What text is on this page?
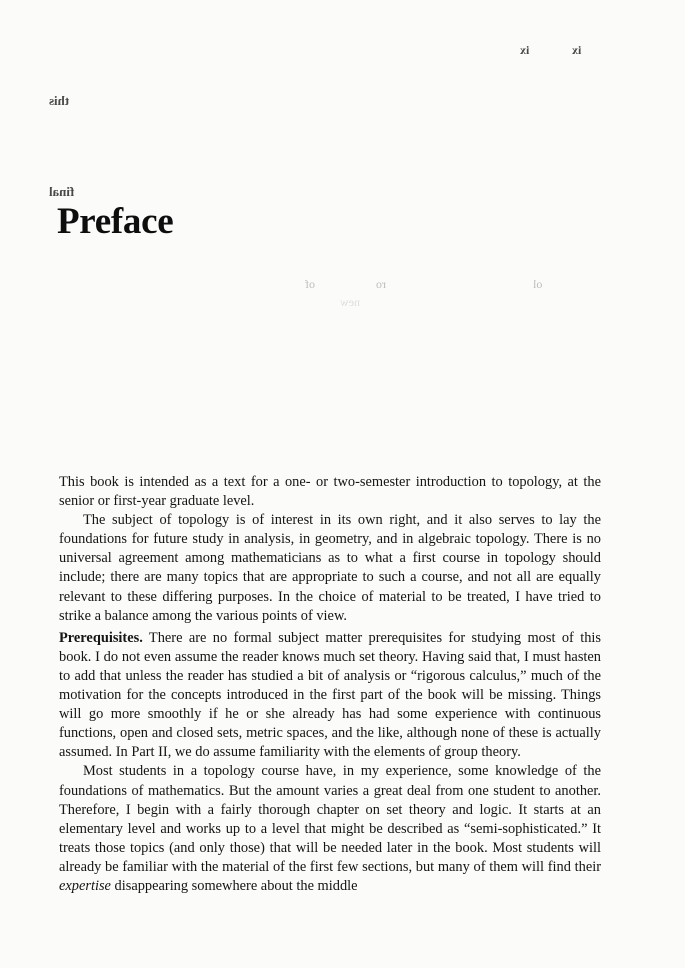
ix	ix
this
final
of	ro	ol
new
Preface

This book is intended as a text for a one- or two-semester introduction to topology, at the senior or first-year graduate level.

The subject of topology is of interest in its own right, and it also serves to lay the foundations for future study in analysis, in geometry, and in algebraic topology. There is no universal agreement among mathematicians as to what a first course in topology should include; there are many topics that are appropriate to such a course, and not all are equally relevant to these differing purposes. In the choice of material to be treated, I have tried to strike a balance among the various points of view.

Prerequisites. There are no formal subject matter prerequisites for studying most of this book. I do not even assume the reader knows much set theory. Having said that, I must hasten to add that unless the reader has studied a bit of analysis or “rigorous calculus,” much of the motivation for the concepts introduced in the first part of the book will be missing. Things will go more smoothly if he or she already has had some experience with continuous functions, open and closed sets, metric spaces, and the like, although none of these is actually assumed. In Part II, we do assume familiarity with the elements of group theory.

Most students in a topology course have, in my experience, some knowledge of the foundations of mathematics. But the amount varies a great deal from one student to another. Therefore, I begin with a fairly thorough chapter on set theory and logic. It starts at an elementary level and works up to a level that might be described as “semi-sophisticated.” It treats those topics (and only those) that will be needed later in the book. Most students will already be familiar with the material of the first few sections, but many of them will find their expertise disappearing somewhere about the middle
